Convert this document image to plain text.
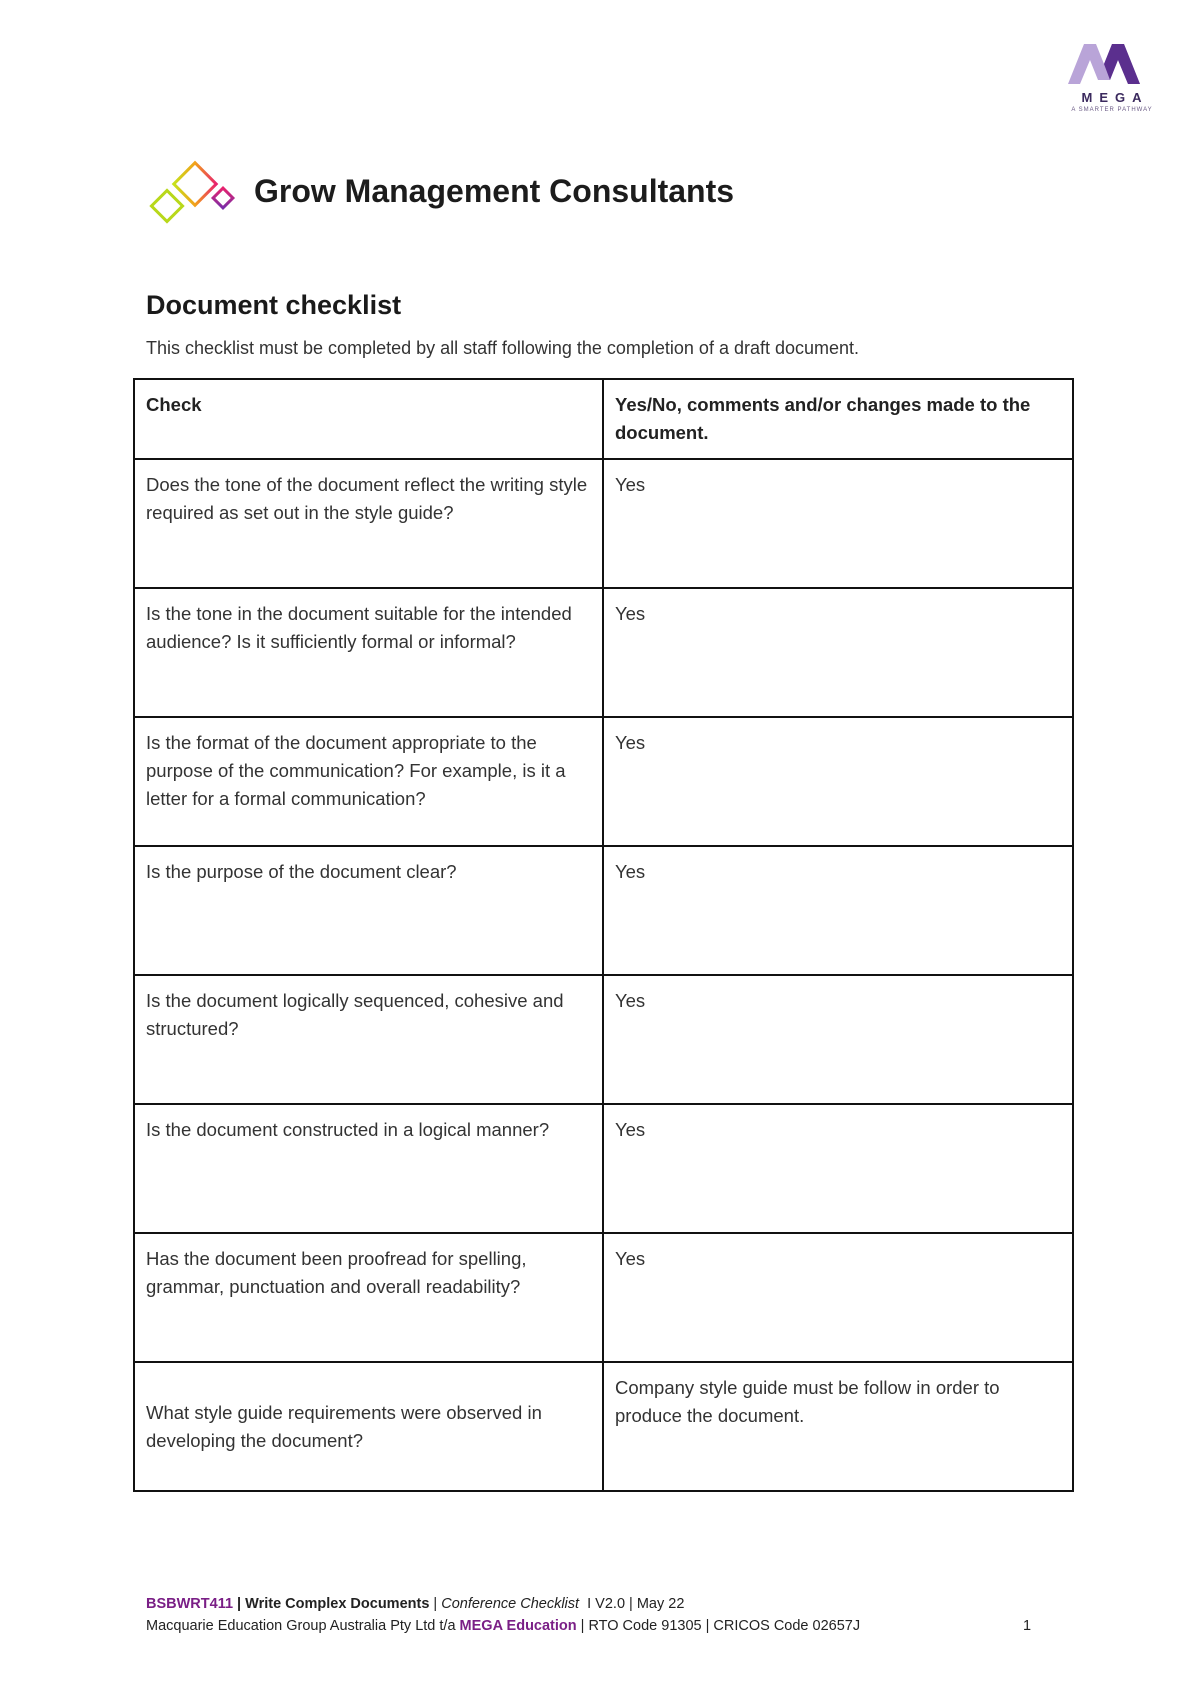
MEGA
A SMARTER PATHWAY
Grow Management Consultants
Document checklist
This checklist must be completed by all staff following the completion of a draft document.
Check	Yes/No, comments and/or changes made to the document.
Does the tone of the document reflect the writing style required as set out in the style guide?	Yes
Is the tone in the document suitable for the intended audience? Is it sufficiently formal or informal?	Yes
Is the format of the document appropriate to the purpose of the communication? For example, is it a letter for a formal communication?	Yes
Is the purpose of the document clear?	Yes
Is the document logically sequenced, cohesive and structured?	Yes
Is the document constructed in a logical manner?	Yes
Has the document been proofread for spelling, grammar, punctuation and overall readability?	Yes
What style guide requirements were observed in developing the document?	Company style guide must be follow in order to produce the document.
BSBWRT411 | Write Complex Documents | Conference Checklist  I V2.0 | May 22
Macquarie Education Group Australia Pty Ltd t/a MEGA Education | RTO Code 91305 | CRICOS Code 02657J	1
